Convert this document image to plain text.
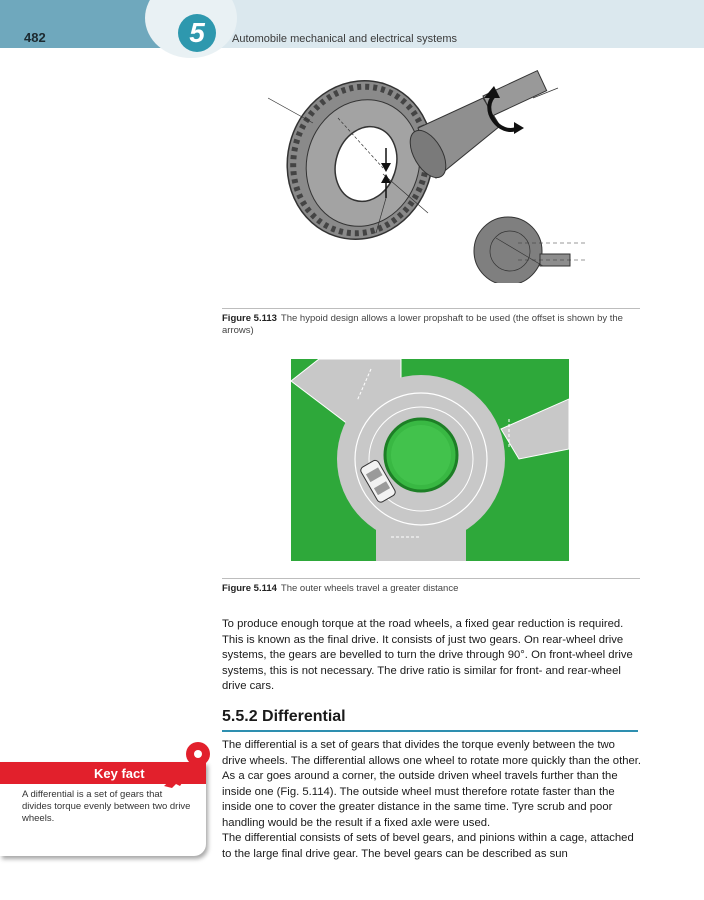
482	5	Automobile mechanical and electrical systems
Figure 5.113 The hypoid design allows a lower propshaft to be used (the offset is shown by the arrows)
Figure 5.114 The outer wheels travel a greater distance

To produce enough torque at the road wheels, a fixed gear reduction is required. This is known as the final drive. It consists of just two gears. On rear-wheel drive systems, the gears are bevelled to turn the drive through 90°. On front-wheel drive systems, this is not necessary. The drive ratio is similar for front- and rear-wheel drive cars.

5.5.2 Differential

The differential is a set of gears that divides the torque evenly between the two drive wheels. The differential allows one wheel to rotate more quickly than the other. As a car goes around a corner, the outside driven wheel travels further than the inside one (Fig. 5.114). The outside wheel must therefore rotate faster than the inside one to cover the greater distance in the same time. Tyre scrub and poor handling would be the result if a fixed axle were used.

The differential consists of sets of bevel gears, and pinions within a cage, attached to the large final drive gear. The bevel gears can be described as sun

Key fact
A differential is a set of gears that divides torque evenly between two drive wheels.
